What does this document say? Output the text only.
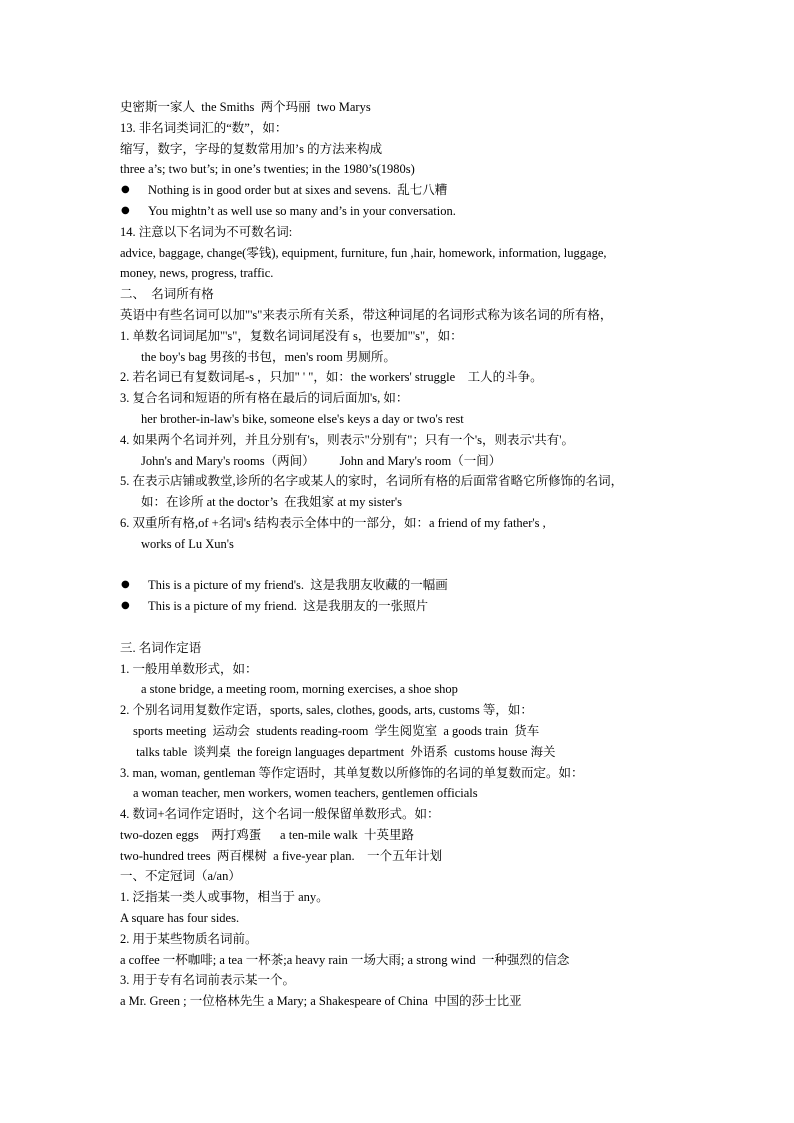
史密斯一家人  the Smiths  两个玛丽  two Marys
13. 非名词类词汇的“数”，如：
缩写，数字，字母的复数常用加’s 的方法来构成
three a’s; two but’s; in one’s twenties; in the 1980’s(1980s)
●
Nothing is in good order but at sixes and sevens.  乱七八糟
●
You mightn’t as well use so many and’s in your conversation.
14. 注意以下名词为不可数名词:
advice, baggage, change(零钱), equipment, furniture, fun ,hair, homework, information, luggage,
money, news, progress, traffic.
二、  名词所有格
英语中有些名词可以加"'s"来表示所有关系，带这种词尾的名词形式称为该名词的所有格，
1. 单数名词词尾加"'s"，复数名词词尾没有 s，也要加"'s"，如：
the boy's bag 男孩的书包，men's room 男厕所。
2. 若名词已有复数词尾-s ，只加" ' "，如：the workers' struggle    工人的斗争。
3. 复合名词和短语的所有格在最后的词后面加's, 如：
her brother-in-law's bike, someone else's keys a day or two's rest
4. 如果两个名词并列，并且分别有's，则表示"分别有"；只有一个's，则表示'共有'。
John's and Mary's rooms（两间）        John and Mary's room（一间）
5. 在表示店铺或教堂,诊所的名字或某人的家时，名词所有格的后面常省略它所修饰的名词，
如：在诊所 at the doctor’s  在我姐家 at my sister's
6. 双重所有格,of +名词's 结构表示全体中的一部分，如：a friend of my father's ,
works of Lu Xun's

●
This is a picture of my friend's.  这是我朋友收藏的一幅画
●
This is a picture of my friend.  这是我朋友的一张照片
三. 名词作定语
1. 一般用单数形式，如：
a stone bridge, a meeting room, morning exercises, a shoe shop
2. 个别名词用复数作定语，sports, sales, clothes, goods, arts, customs 等，如：
sports meeting  运动会  students reading-room  学生阅览室  a goods train  货车
talks table  谈判桌  the foreign languages department  外语系  customs house 海关
3. man, woman, gentleman 等作定语时，其单复数以所修饰的名词的单复数而定。如：
a woman teacher, men workers, women teachers, gentlemen officials
4. 数词+名词作定语时，这个名词一般保留单数形式。如：
two-dozen eggs    两打鸡蛋      a ten-mile walk  十英里路
two-hundred trees  两百棵树  a five-year plan.    一个五年计划
一、不定冠词（a/an）
1. 泛指某一类人或事物，相当于 any。
A square has four sides.
2. 用于某些物质名词前。
a coffee 一杯咖啡; a tea 一杯茶;a heavy rain 一场大雨; a strong wind  一种强烈的信念
3. 用于专有名词前表示某一个。
a Mr. Green ; 一位格林先生 a Mary; a Shakespeare of China  中国的莎士比亚
